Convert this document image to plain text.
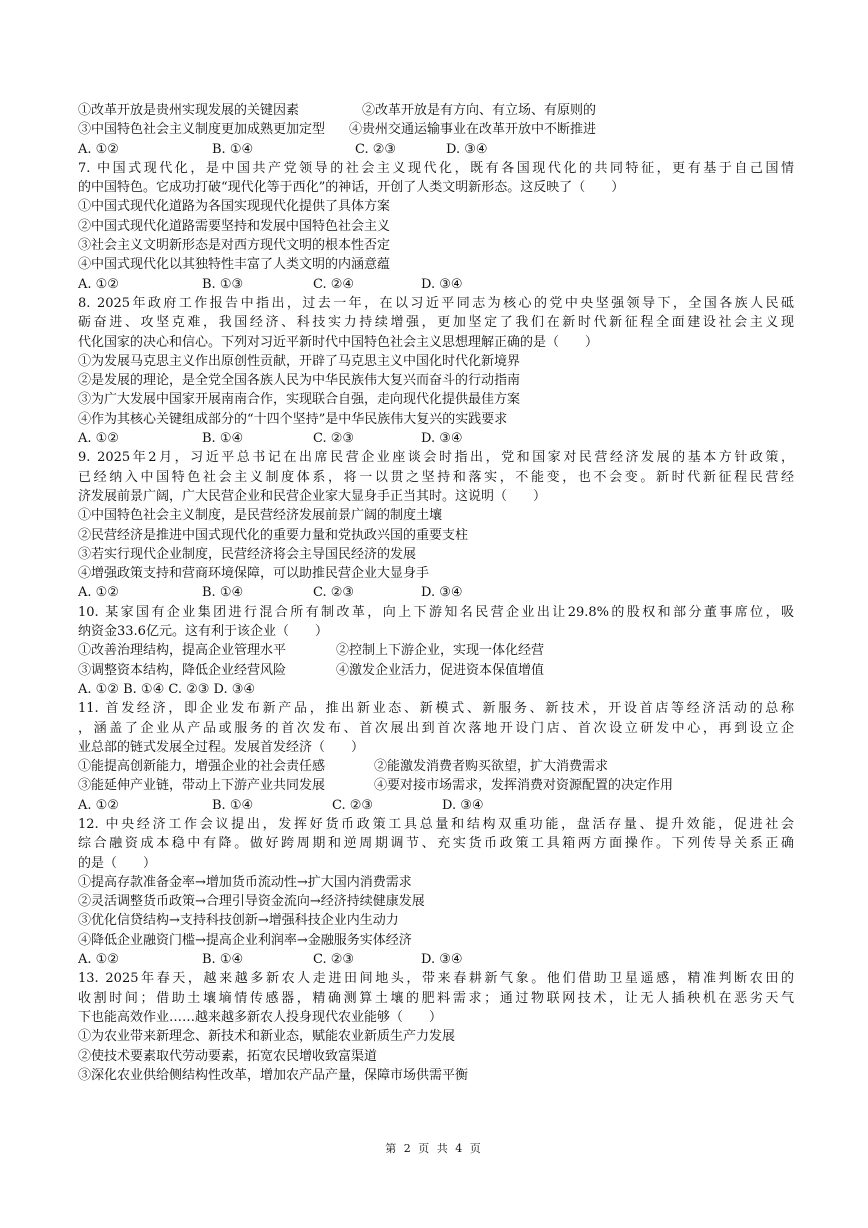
①改革开放是贵州实现发展的关键因素	②改革开放是有方向、有立场、有原则的
③中国特色社会主义制度更加成熟更加定型	④贵州交通运输事业在改革开放中不断推进
A. ①②	B. ①④	C. ②③	D. ③④
7. 中国式现代化，是中国共产党领导的社会主义现代化，既有各国现代化的共同特征，更有基于自己国情
的中国特色。它成功打破“现代化等于西化”的神话，开创了人类文明新形态。这反映了（　　）
①中国式现代化道路为各国实现现代化提供了具体方案
②中国式现代化道路需要坚持和发展中国特色社会主义
③社会主义文明新形态是对西方现代文明的根本性否定
④中国式现代化以其独特性丰富了人类文明的内涵意蕴
A. ①②	B. ①③	C. ②④	D. ③④
8. 2025年政府工作报告中指出，过去一年，在以习近平同志为核心的党中央坚强领导下，全国各族人民砥
砺奋进、攻坚克难，我国经济、科技实力持续增强，更加坚定了我们在新时代新征程全面建设社会主义现
代化国家的决心和信心。下列对习近平新时代中国特色社会主义思想理解正确的是（　　）
①为发展马克思主义作出原创性贡献，开辟了马克思主义中国化时代化新境界
②是发展的理论，是全党全国各族人民为中华民族伟大复兴而奋斗的行动指南
③为广大发展中国家开展南南合作，实现联合自强，走向现代化提供最佳方案
④作为其核心关键组成部分的“十四个坚持”是中华民族伟大复兴的实践要求
A. ①②	B. ①④	C. ②③	D. ③④
9. 2025年2月，习近平总书记在出席民营企业座谈会时指出，党和国家对民营经济发展的基本方针政策，
已经纳入中国特色社会主义制度体系，将一以贯之坚持和落实，不能变，也不会变。新时代新征程民营经
济发展前景广阔，广大民营企业和民营企业家大显身手正当其时。这说明（　　）
①中国特色社会主义制度，是民营经济发展前景广阔的制度土壤
②民营经济是推进中国式现代化的重要力量和党执政兴国的重要支柱
③若实行现代企业制度，民营经济将会主导国民经济的发展
④增强政策支持和营商环境保障，可以助推民营企业大显身手
A. ①②	B. ①④	C. ②③	D. ③④
10. 某家国有企业集团进行混合所有制改革，向上下游知名民营企业出让29.8%的股权和部分董事席位，吸
纳资金33.6亿元。这有利于该企业（　　）
①改善治理结构，提高企业管理水平	②控制上下游企业，实现一体化经营
③调整资本结构，降低企业经营风险	④激发企业活力，促进资本保值增值
A. ①② B. ①④ C. ②③ D. ③④
11. 首发经济，即企业发布新产品，推出新业态、新模式、新服务、新技术，开设首店等经济活动的总称
，涵盖了企业从产品或服务的首次发布、首次展出到首次落地开设门店、首次设立研发中心，再到设立企
业总部的链式发展全过程。发展首发经济（　　）
①能提高创新能力，增强企业的社会责任感	②能激发消费者购买欲望，扩大消费需求
③能延伸产业链，带动上下游产业共同发展	④要对接市场需求，发挥消费对资源配置的决定作用
A. ①②	B. ①④	C. ②③	D. ③④
12. 中央经济工作会议提出，发挥好货币政策工具总量和结构双重功能，盘活存量、提升效能，促进社会
综合融资成本稳中有降。做好跨周期和逆周期调节、充实货币政策工具箱两方面操作。下列传导关系正确
的是（　　）
①提高存款准备金率→增加货币流动性→扩大国内消费需求
②灵活调整货币政策→合理引导资金流向→经济持续健康发展
③优化信贷结构→支持科技创新→增强科技企业内生动力
④降低企业融资门槛→提高企业利润率→金融服务实体经济
A. ①②	B. ①④	C. ②③	D. ③④
13. 2025年春天，越来越多新农人走进田间地头，带来春耕新气象。他们借助卫星遥感，精准判断农田的
收割时间；借助土壤墒情传感器，精确测算土壤的肥料需求；通过物联网技术，让无人插秧机在恶劣天气
下也能高效作业……越来越多新农人投身现代农业能够（　　）
①为农业带来新理念、新技术和新业态，赋能农业新质生产力发展
②使技术要素取代劳动要素，拓宽农民增收致富渠道
③深化农业供给侧结构性改革，增加农产品产量，保障市场供需平衡
第 2 页 共 4 页
